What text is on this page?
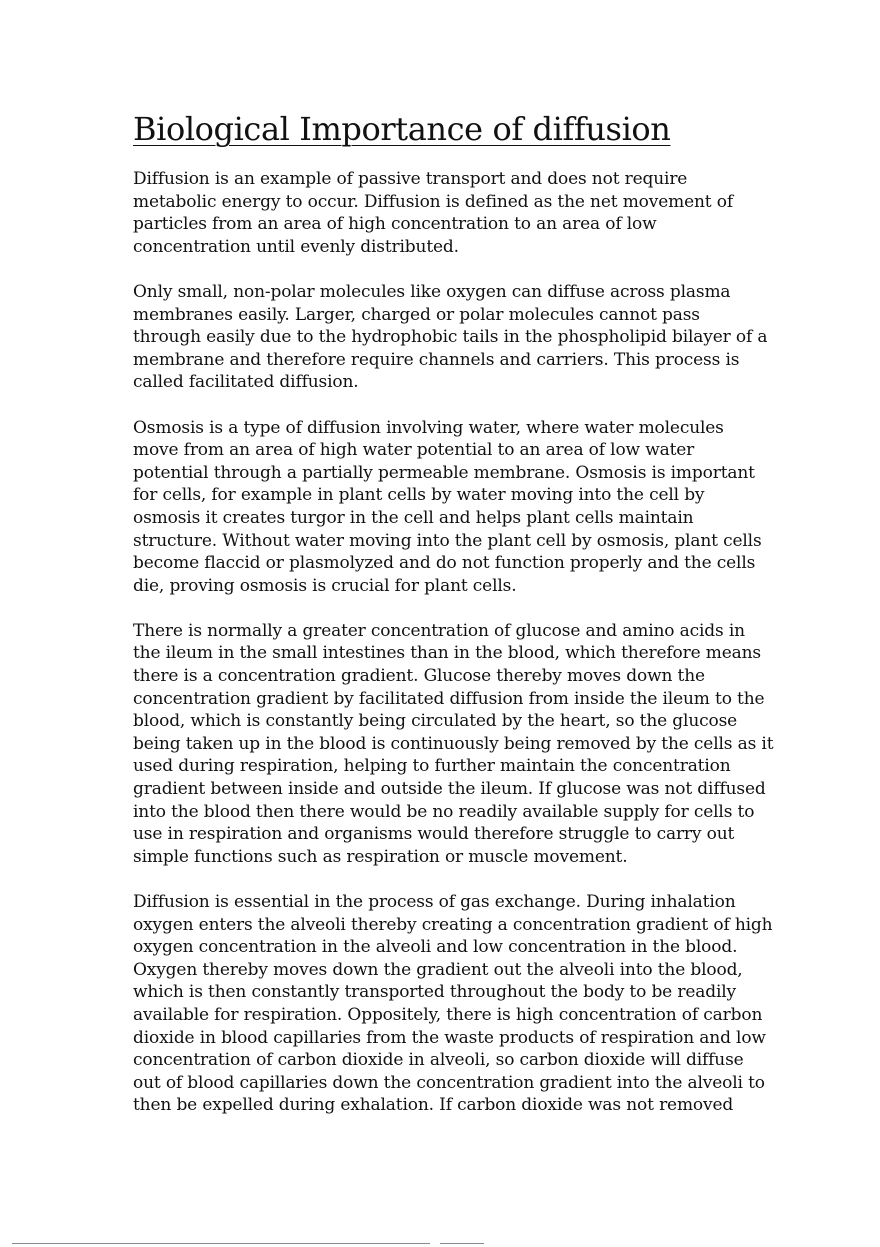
Biological Importance of diffusion

Diffusion is an example of passive transport and does not require
metabolic energy to occur. Diffusion is defined as the net movement of
particles from an area of high concentration to an area of low
concentration until evenly distributed.

Only small, non-polar molecules like oxygen can diffuse across plasma
membranes easily. Larger, charged or polar molecules cannot pass
through easily due to the hydrophobic tails in the phospholipid bilayer of a
membrane and therefore require channels and carriers. This process is
called facilitated diffusion.

Osmosis is a type of diffusion involving water, where water molecules
move from an area of high water potential to an area of low water
potential through a partially permeable membrane. Osmosis is important
for cells, for example in plant cells by water moving into the cell by
osmosis it creates turgor in the cell and helps plant cells maintain
structure. Without water moving into the plant cell by osmosis, plant cells
become flaccid or plasmolyzed and do not function properly and the cells
die, proving osmosis is crucial for plant cells.

There is normally a greater concentration of glucose and amino acids in
the ileum in the small intestines than in the blood, which therefore means
there is a concentration gradient. Glucose thereby moves down the
concentration gradient by facilitated diffusion from inside the ileum to the
blood, which is constantly being circulated by the heart, so the glucose
being taken up in the blood is continuously being removed by the cells as it
used during respiration, helping to further maintain the concentration
gradient between inside and outside the ileum. If glucose was not diffused
into the blood then there would be no readily available supply for cells to
use in respiration and organisms would therefore struggle to carry out
simple functions such as respiration or muscle movement.

Diffusion is essential in the process of gas exchange. During inhalation
oxygen enters the alveoli thereby creating a concentration gradient of high
oxygen concentration in the alveoli and low concentration in the blood.
Oxygen thereby moves down the gradient out the alveoli into the blood,
which is then constantly transported throughout the body to be readily
available for respiration. Oppositely, there is high concentration of carbon
dioxide in blood capillaries from the waste products of respiration and low
concentration of carbon dioxide in alveoli, so carbon dioxide will diffuse
out of blood capillaries down the concentration gradient into the alveoli to
then be expelled during exhalation. If carbon dioxide was not removed
